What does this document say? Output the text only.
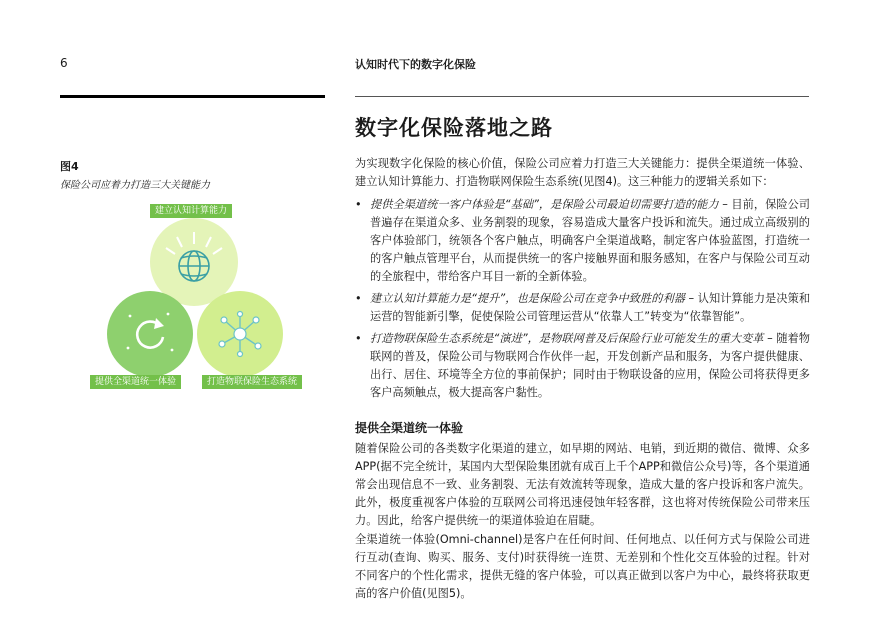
6	认知时代下的数字化保险
数字化保险落地之路
图4
保险公司应着力打造三大关键能力
建立认知计算能力
提供全渠道统一体验	打造物联保险生态系统
为实现数字化保险的核心价值，保险公司应着力打造三大关键能力：提供全渠道统一体验、建立认知计算能力、打造物联网保险生态系统(见图4)。这三种能力的逻辑关系如下：
• 提供全渠道统一客户体验是“基础”，是保险公司最迫切需要打造的能力 – 目前，保险公司普遍存在渠道众多、业务割裂的现象，容易造成大量客户投诉和流失。通过成立高级别的客户体验部门，统领各个客户触点，明确客户全渠道战略，制定客户体验蓝图，打造统一的客户触点管理平台，从而提供统一的客户接触界面和服务感知，在客户与保险公司互动的全旅程中，带给客户耳目一新的全新体验。
• 建立认知计算能力是“提升”，也是保险公司在竞争中致胜的利器 – 认知计算能力是决策和运营的智能新引擎，促使保险公司管理运营从“依靠人工”转变为“依靠智能”。
• 打造物联保险生态系统是“演进”，是物联网普及后保险行业可能发生的重大变革 – 随着物联网的普及，保险公司与物联网合作伙伴一起，开发创新产品和服务，为客户提供健康、出行、居住、环境等全方位的事前保护；同时由于物联设备的应用，保险公司将获得更多客户高频触点，极大提高客户黏性。
提供全渠道统一体验
随着保险公司的各类数字化渠道的建立，如早期的网站、电销，到近期的微信、微博、众多APP(据不完全统计，某国内大型保险集团就有成百上千个APP和微信公众号)等，各个渠道通常会出现信息不一致、业务割裂、无法有效流转等现象，造成大量的客户投诉和客户流失。此外，极度重视客户体验的互联网公司将迅速侵蚀年轻客群，这也将对传统保险公司带来压力。因此，给客户提供统一的渠道体验迫在眉睫。
全渠道统一体验(Omni-channel)是客户在任何时间、任何地点、以任何方式与保险公司进行互动(查询、购买、服务、支付)时获得统一连贯、无差别和个性化交互体验的过程。针对不同客户的个性化需求，提供无缝的客户体验，可以真正做到以客户为中心，最终将获取更高的客户价值(见图5)。
